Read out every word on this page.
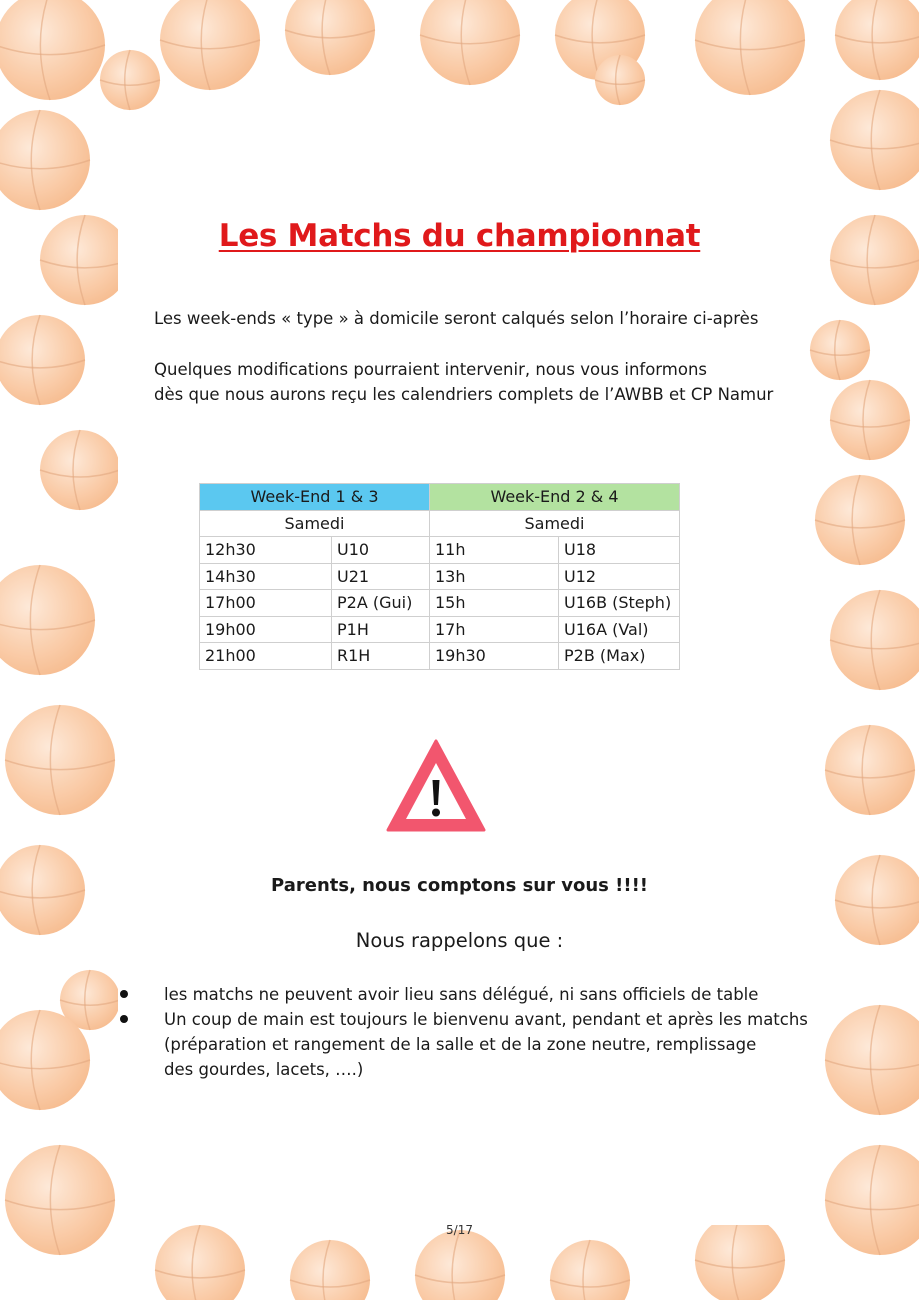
Les Matchs du championnat
Les week-ends « type » à domicile seront calqués selon l’horaire ci-après
Quelques modifications pourraient intervenir, nous vous informons
dès que nous aurons reçu les calendriers complets de l’AWBB et CP Namur
Week-End 1 & 3		Week-End 2 & 4	
Samedi		Samedi	
12h30	U10	11h	U18
14h30	U21	13h	U12
17h00	P2A (Gui)	15h	U16B (Steph)
19h00	P1H	17h	U16A (Val)
21h00	R1H	19h30	P2B (Max)

Parents, nous comptons sur vous !!!!

Nous rappelons que :

les matchs ne peuvent avoir lieu sans délégué, ni sans officiels de table
Un coup de main est toujours le bienvenu avant, pendant et après les matchs
(préparation et rangement de la salle et de la zone neutre, remplissage
des gourdes, lacets, ….)

5/17
